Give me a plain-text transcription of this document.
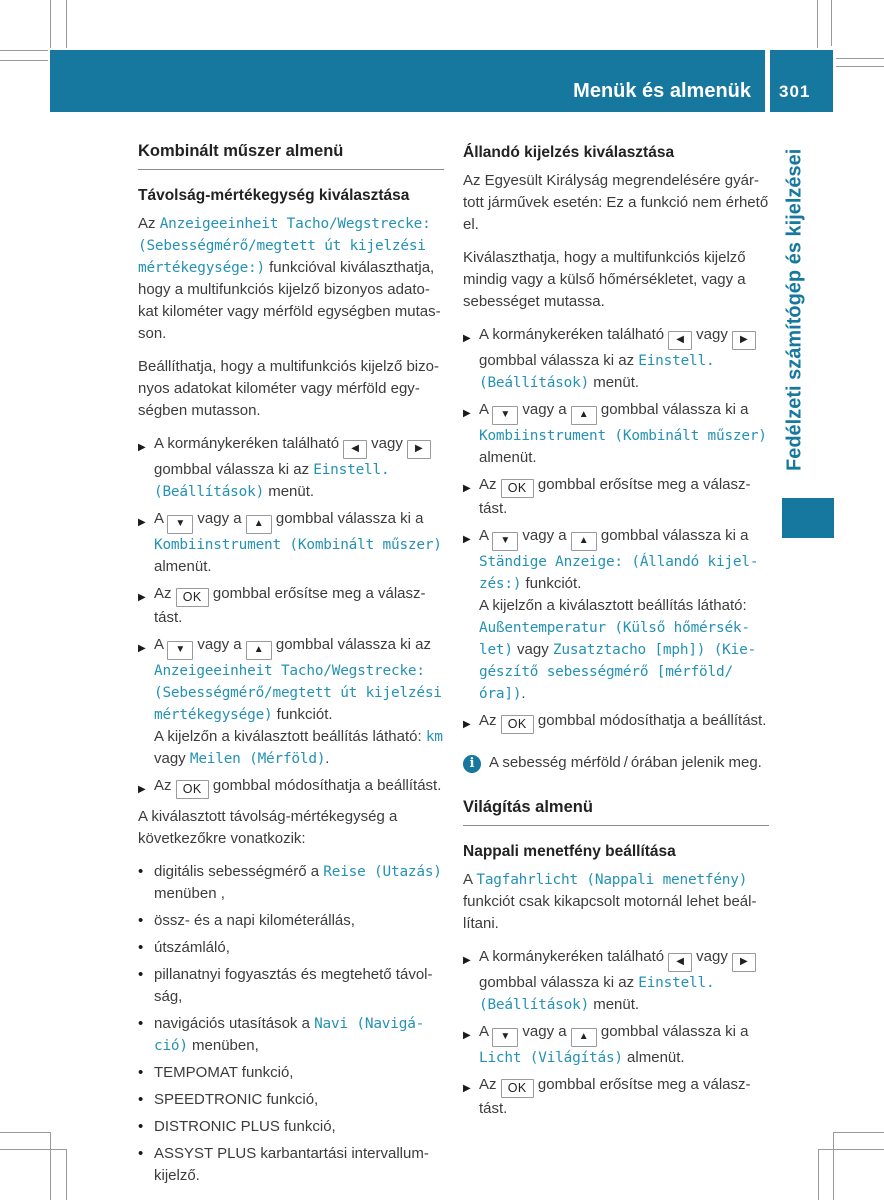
Menük és almenük	301
Fedélzeti számítógép és kijelzései
Kombinált műszer almenü
Távolság-mértékegység kiválasztása
Az Anzeigeeinheit Tacho/Wegstrecke: (Sebességmérő/megtett út kijelzési mértékegysége:) funkcióval kiválaszthatja, hogy a multifunkciós kijelző bizonyos adatokat kilométer vagy mérföld egységben mutasson.
Beállíthatja, hogy a multifunkciós kijelző bizonyos adatokat kilométer vagy mérföld egységben mutasson.
▶ A kormánykeréken található ◀ vagy ▶ gombbal válassza ki az Einstell. (Beállítások) menüt.
▶ A ▼ vagy a ▲ gombbal válassza ki a Kombiinstrument (Kombinált műszer) almenüt.
▶ Az OK gombbal erősítse meg a választást.
▶ A ▼ vagy a ▲ gombbal válassza ki az Anzeigeeinheit Tacho/Wegstrecke: (Sebességmérő/megtett út kijelzési mértékegysége) funkciót.
A kijelzőn a kiválasztott beállítás látható: km vagy Meilen (Mérföld).
▶ Az OK gombbal módosíthatja a beállítást.
A kiválasztott távolság-mértékegység a következőkre vonatkozik:
• digitális sebességmérő a Reise (Utazás) menüben ,
• össz- és a napi kilométerállás,
• útszámláló,
• pillanatnyi fogyasztás és megtehető távolság,
• navigációs utasítások a Navi (Navigáció) menüben,
• TEMPOMAT funkció,
• SPEEDTRONIC funkció,
• DISTRONIC PLUS funkció,
• ASSYST PLUS karbantartási intervallumkijelző.
Állandó kijelzés kiválasztása
Az Egyesült Királyság megrendelésére gyártott járművek esetén: Ez a funkció nem érhető el.
Kiválaszthatja, hogy a multifunkciós kijelző mindig vagy a külső hőmérsékletet, vagy a sebességet mutassa.
▶ A kormánykeréken található ◀ vagy ▶ gombbal válassza ki az Einstell. (Beállítások) menüt.
▶ A ▼ vagy a ▲ gombbal válassza ki a Kombiinstrument (Kombinált műszer) almenüt.
▶ Az OK gombbal erősítse meg a választást.
▶ A ▼ vagy a ▲ gombbal válassza ki a Ständige Anzeige: (Állandó kijelzés:) funkciót.
A kijelzőn a kiválasztott beállítás látható: Außentemperatur (Külső hőmérséklet) vagy Zusatztacho [mph]) (Kiegészítő sebességmérő [mérföld/óra]).
▶ Az OK gombbal módosíthatja a beállítást.
i A sebesség mérföld / órában jelenik meg.
Világítás almenü
Nappali menetfény beállítása
A Tagfahrlicht (Nappali menetfény) funkciót csak kikapcsolt motornál lehet beállítani.
▶ A kormánykeréken található ◀ vagy ▶ gombbal válassza ki az Einstell. (Beállítások) menüt.
▶ A ▼ vagy a ▲ gombbal válassza ki a Licht (Világítás) almenüt.
▶ Az OK gombbal erősítse meg a választást.
